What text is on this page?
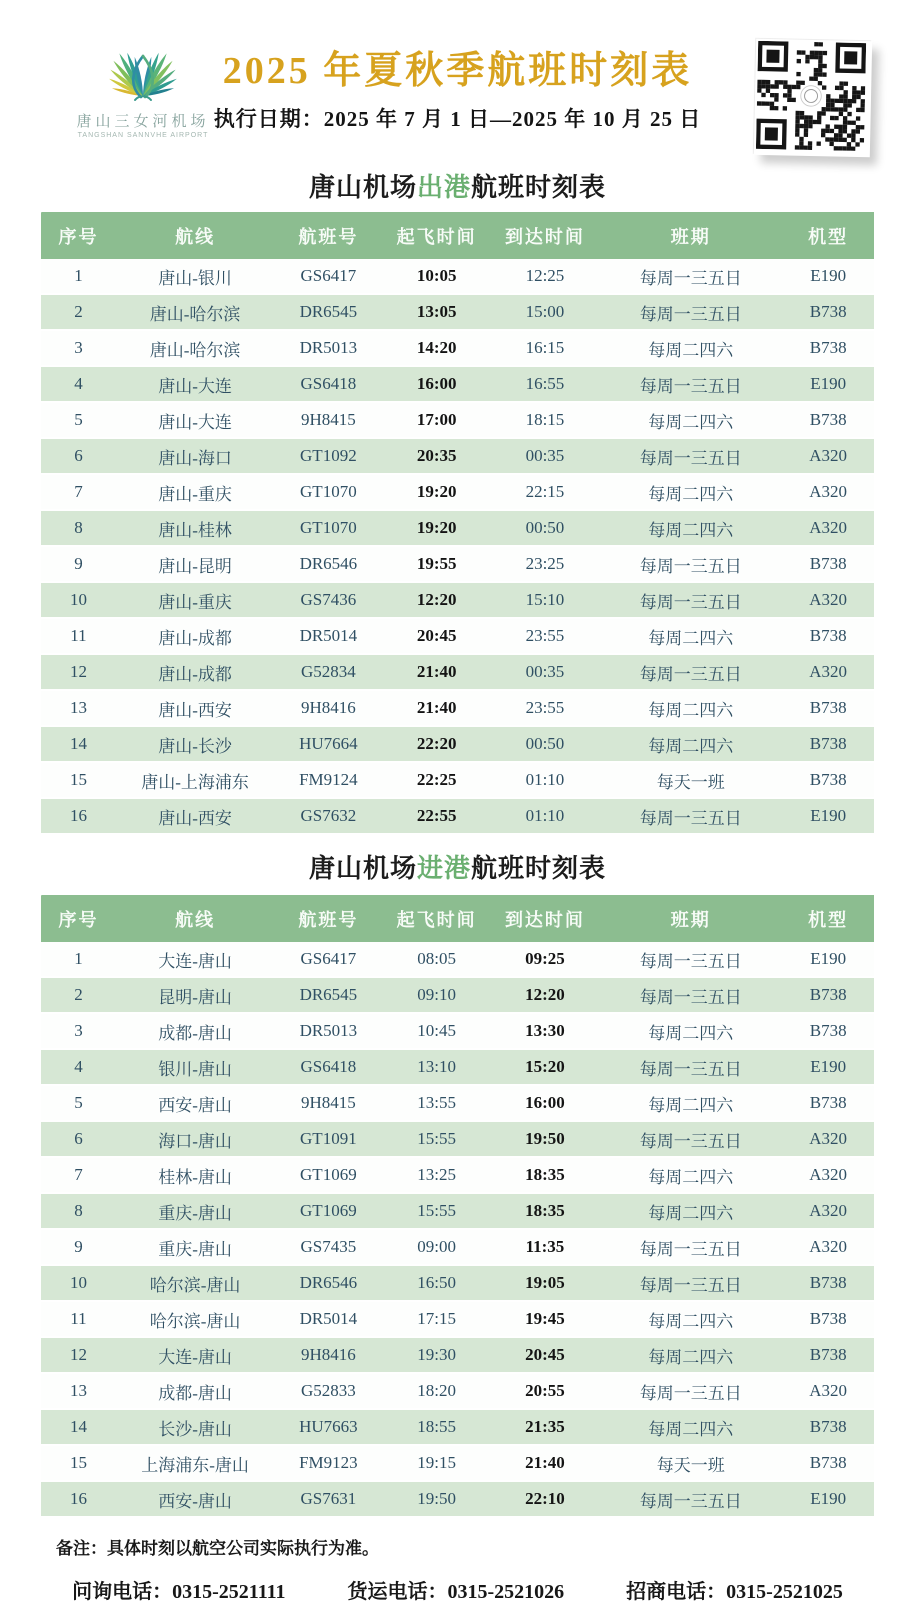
唐山三女河机场
TANGSHAN SANNVHE AIRPORT
2025 年夏秋季航班时刻表
执行日期：2025 年 7 月 1 日—2025 年 10 月 25 日
唐山机场出港航班时刻表
序号	航线	航班号	起飞时间	到达时间	班期	机型
1	唐山-银川	GS6417	10:05	12:25	每周一三五日	E190
2	唐山-哈尔滨	DR6545	13:05	15:00	每周一三五日	B738
3	唐山-哈尔滨	DR5013	14:20	16:15	每周二四六	B738
4	唐山-大连	GS6418	16:00	16:55	每周一三五日	E190
5	唐山-大连	9H8415	17:00	18:15	每周二四六	B738
6	唐山-海口	GT1092	20:35	00:35	每周一三五日	A320
7	唐山-重庆	GT1070	19:20	22:15	每周二四六	A320
8	唐山-桂林	GT1070	19:20	00:50	每周二四六	A320
9	唐山-昆明	DR6546	19:55	23:25	每周一三五日	B738
10	唐山-重庆	GS7436	12:20	15:10	每周一三五日	A320
11	唐山-成都	DR5014	20:45	23:55	每周二四六	B738
12	唐山-成都	G52834	21:40	00:35	每周一三五日	A320
13	唐山-西安	9H8416	21:40	23:55	每周二四六	B738
14	唐山-长沙	HU7664	22:20	00:50	每周二四六	B738
15	唐山-上海浦东	FM9124	22:25	01:10	每天一班	B738
16	唐山-西安	GS7632	22:55	01:10	每周一三五日	E190
唐山机场进港航班时刻表
序号	航线	航班号	起飞时间	到达时间	班期	机型
1	大连-唐山	GS6417	08:05	09:25	每周一三五日	E190
2	昆明-唐山	DR6545	09:10	12:20	每周一三五日	B738
3	成都-唐山	DR5013	10:45	13:30	每周二四六	B738
4	银川-唐山	GS6418	13:10	15:20	每周一三五日	E190
5	西安-唐山	9H8415	13:55	16:00	每周二四六	B738
6	海口-唐山	GT1091	15:55	19:50	每周一三五日	A320
7	桂林-唐山	GT1069	13:25	18:35	每周二四六	A320
8	重庆-唐山	GT1069	15:55	18:35	每周二四六	A320
9	重庆-唐山	GS7435	09:00	11:35	每周一三五日	A320
10	哈尔滨-唐山	DR6546	16:50	19:05	每周一三五日	B738
11	哈尔滨-唐山	DR5014	17:15	19:45	每周二四六	B738
12	大连-唐山	9H8416	19:30	20:45	每周二四六	B738
13	成都-唐山	G52833	18:20	20:55	每周一三五日	A320
14	长沙-唐山	HU7663	18:55	21:35	每周二四六	B738
15	上海浦东-唐山	FM9123	19:15	21:40	每天一班	B738
16	西安-唐山	GS7631	19:50	22:10	每周一三五日	E190
备注：具体时刻以航空公司实际执行为准。
问询电话：0315-2521111	货运电话：0315-2521026	招商电话：0315-2521025
